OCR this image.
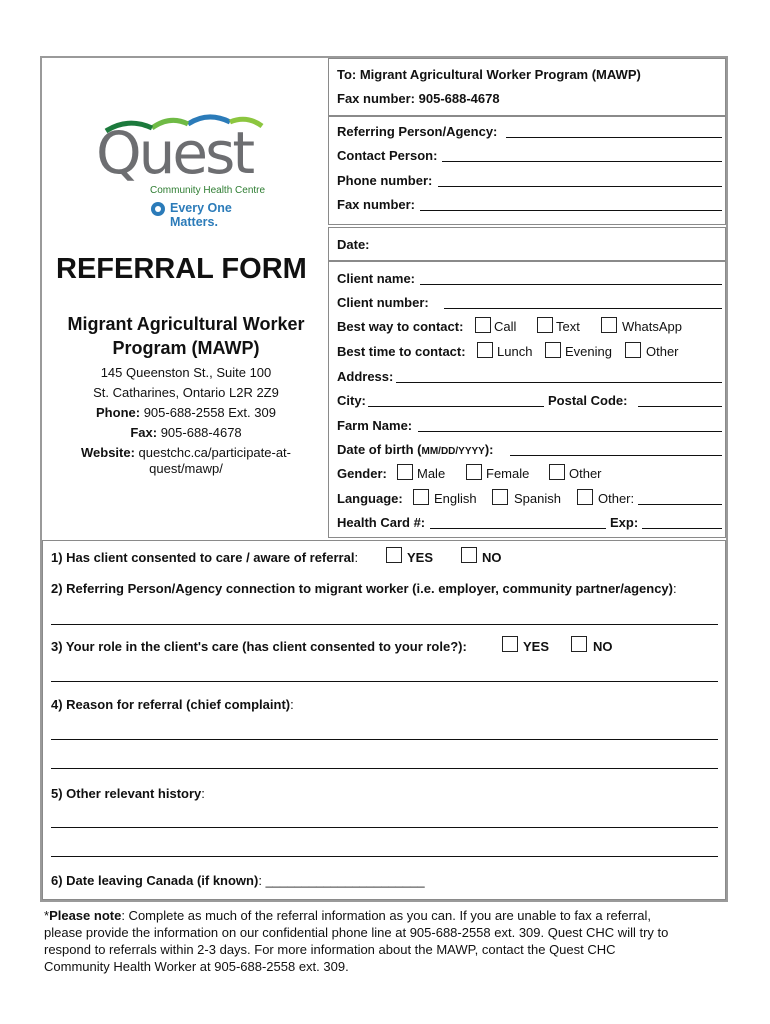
To: Migrant Agricultural Worker Program (MAWP)
Fax number: 905-688-4678
Quest
Community Health Centre
Every One Matters.
Referring Person/Agency:
Contact Person:
Phone number:
Fax number:
Date:
REFERRAL FORM
Migrant Agricultural Worker
Program (MAWP)
145 Queenston St., Suite 100
St. Catharines, Ontario L2R 2Z9
Phone: 905-688-2558 Ext. 309
Fax: 905-688-4678
Website: questchc.ca/participate-at-
quest/mawp/
Client name:
Client number:
Best way to contact: Call	Text	WhatsApp
Best time to contact: Lunch	Evening	Other
Address:
City:	Postal Code:
Farm Name:
Date of birth (MM/DD/YYYY):
Gender: Male	Female	Other
Language: English	Spanish	Other:
Health Card #:	Exp:
1) Has client consented to care / aware of referral:	YES	NO
2) Referring Person/Agency connection to migrant worker (i.e. employer, community partner/agency):
3) Your role in the client's care (has client consented to your role?):	YES	NO
4) Reason for referral (chief complaint):
5) Other relevant history:
6) Date leaving Canada (if known): ______________________
*Please note: Complete as much of the referral information as you can. If you are unable to fax a referral,
please provide the information on our confidential phone line at 905-688-2558 ext. 309. Quest CHC will try to
respond to referrals within 2-3 days. For more information about the MAWP, contact the Quest CHC
Community Health Worker at 905-688-2558 ext. 309.
